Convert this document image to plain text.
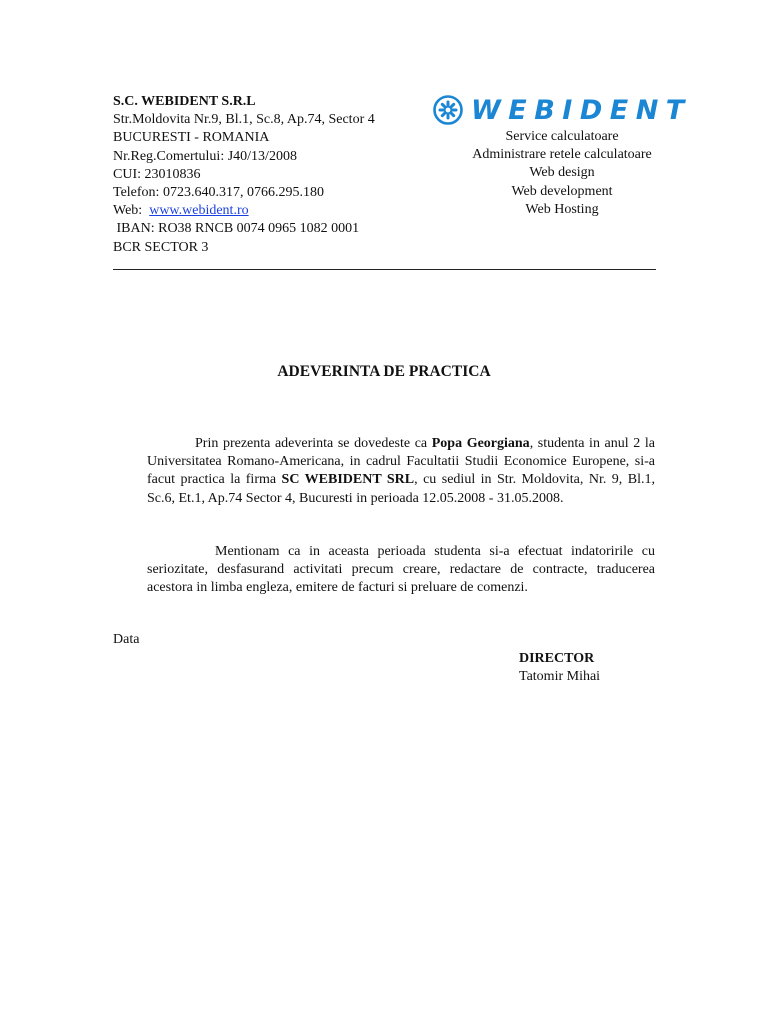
S.C. WEBIDENT S.R.L
Str.Moldovita Nr.9, Bl.1, Sc.8, Ap.74, Sector 4
BUCURESTI - ROMANIA
Nr.Reg.Comertului: J40/13/2008
CUI: 23010836
Telefon: 0723.640.317, 0766.295.180
Web: www.webident.ro
IBAN: RO38 RNCB 0074 0965 1082 0001
BCR SECTOR 3
WEBIDENT
Service calculatoare
Administrare retele calculatoare
Web design
Web development
Web Hosting
ADEVERINTA DE PRACTICA
Prin prezenta adeverinta se dovedeste ca Popa Georgiana, studenta in anul 2 la Universitatea Romano-Americana, in cadrul Facultatii Studii Economice Europene, si-a facut practica la firma SC WEBIDENT SRL, cu sediul in Str. Moldovita, Nr. 9, Bl.1, Sc.6, Et.1, Ap.74 Sector 4, Bucuresti in perioada 12.05.2008 - 31.05.2008.
Mentionam ca in aceasta perioada studenta si-a efectuat indatoririle cu seriozitate, desfasurand activitati precum creare, redactare de contracte, traducerea acestora in limba engleza, emitere de facturi si preluare de comenzi.
Data
DIRECTOR
Tatomir Mihai
